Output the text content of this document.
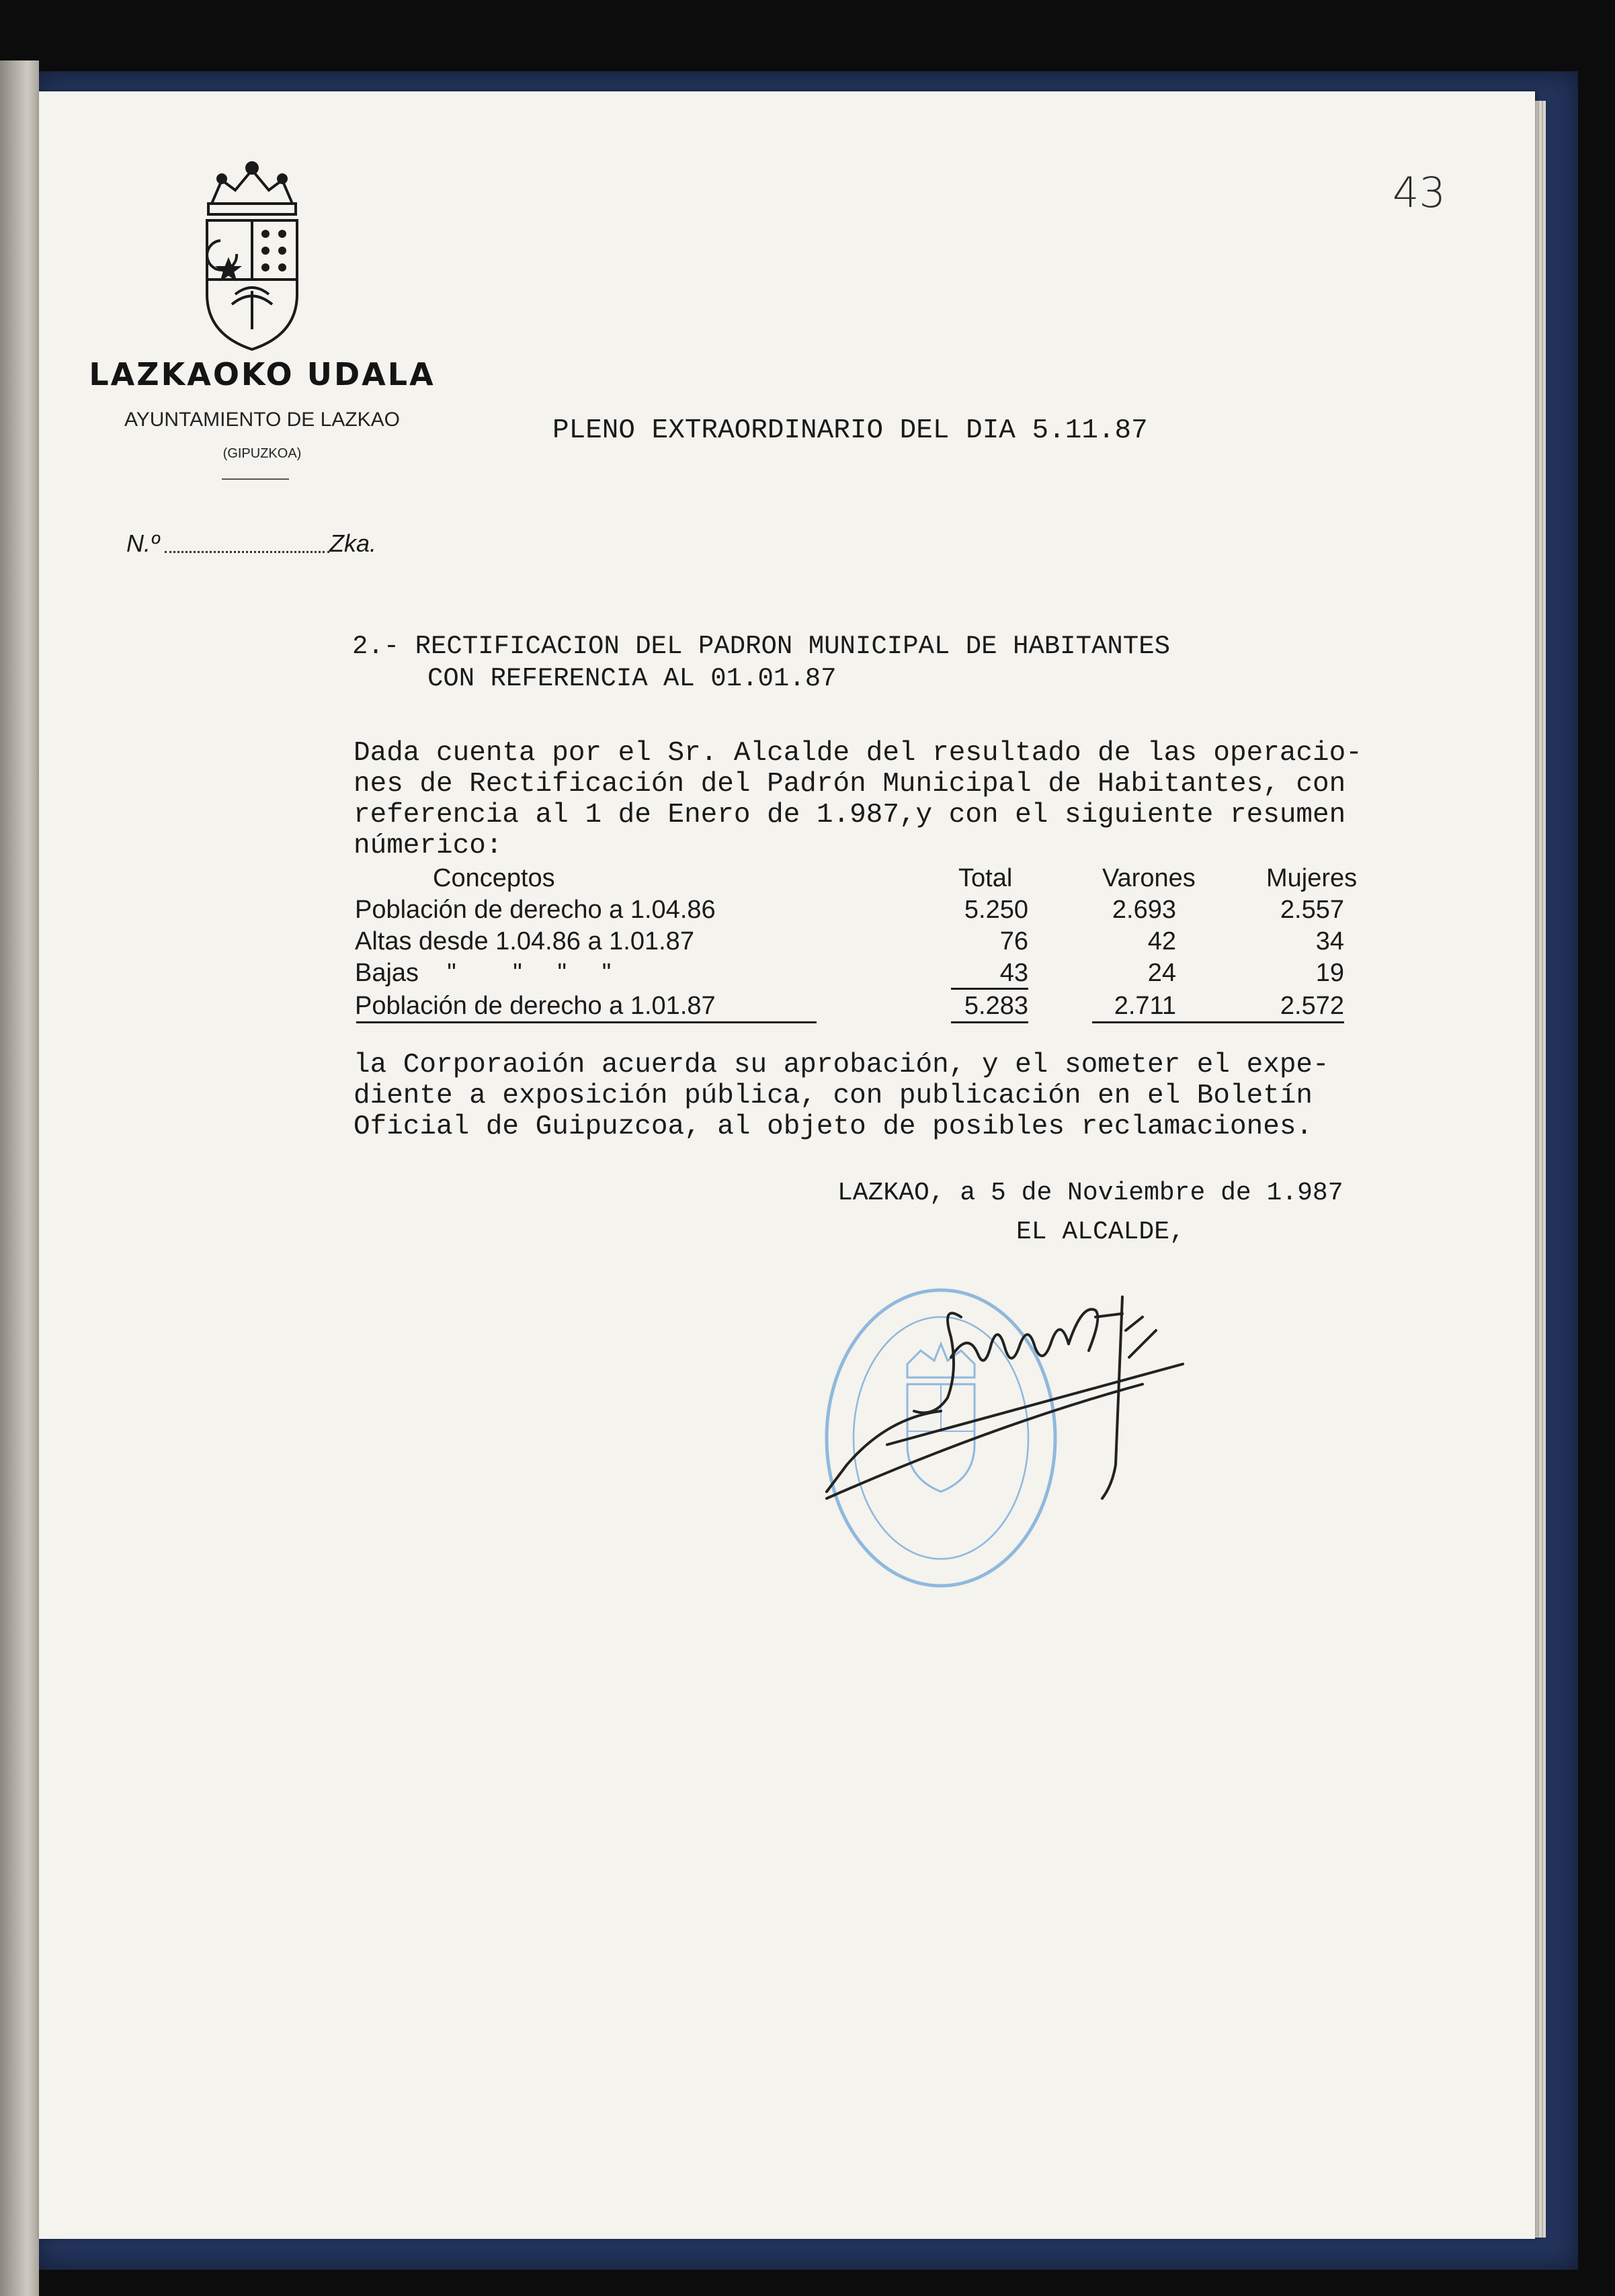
LAZKAOKO UDALA
AYUNTAMIENTO DE LAZKAO
(GIPUZKOA)
N.º	Zka.
43
PLENO EXTRAORDINARIO DEL DIA 5.11.87
2.- RECTIFICACION DEL PADRON MUNICIPAL DE HABITANTES
CON REFERENCIA AL 01.01.87
Dada cuenta por el Sr. Alcalde del resultado de las operacio-
nes de Rectificación del Padrón Municipal de Habitantes, con
referencia al 1 de Enero de 1.987,y con el siguiente resumen
númerico:
Conceptos	Total	Varones	Mujeres
Población de derecho a 1.04.86	5.250	2.693	2.557
Altas desde 1.04.86 a 1.01.87	76	42	34
Bajas    "        "     "     "	43	24	19
Población de derecho a 1.01.87	5.283	2.711	2.572
la Corporaoión acuerda su aprobación, y el someter el expe-
diente a exposición pública, con publicación en el Boletín
Oficial de Guipuzcoa, al objeto de posibles reclamaciones.
LAZKAO, a 5 de Noviembre de 1.987
EL ALCALDE,
